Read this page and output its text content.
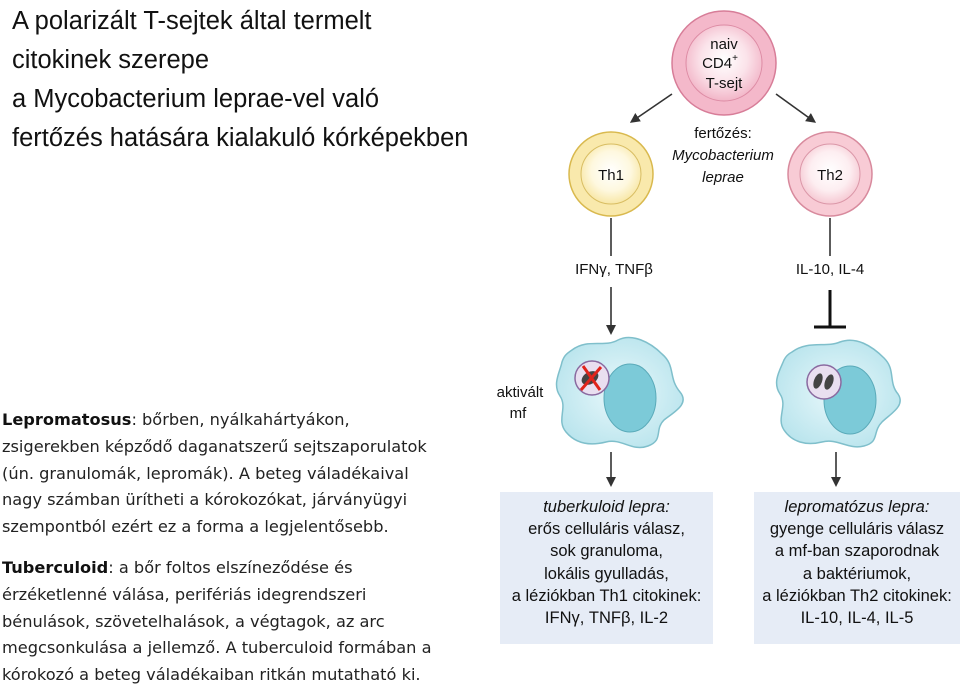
A polarizált T-sejtek által termelt
citokinek szerepe
a Mycobacterium leprae-vel való
fertőzés hatására kialakuló kórképekben
Lepromatosus: bőrben, nyálkahártyákon,
zsigerekben képződő daganatszerű sejtszaporulatok
(ún. granulomák, lepromák). A beteg váladékaival
nagy számban ürítheti a kórokozókat, járványügyi
szempontból ezért ez a forma a legjelentősebb.
Tuberculoid: a bőr foltos elszíneződése és
érzéketlenné válása, perifériás idegrendszeri
bénulások, szövetelhalások, a végtagok, az arc
megcsonkulása a jellemző. A tuberculoid formában a
kórokozó a beteg váladékaiban ritkán mutatható ki.
naiv
CD4+
T-sejt
fertőzés:
Mycobacterium
leprae
Th1	Th2
IFNγ, TNFβ	IL-10, IL-4
aktivált
mf
tuberkuloid lepra:
erős celluláris válasz,
sok granuloma,
lokális gyulladás,
a léziókban Th1 citokinek:
IFNγ, TNFβ, IL-2
lepromatózus lepra:
gyenge celluláris válasz
a mf-ban szaporodnak
a baktériumok,
a léziókban Th2 citokinek:
IL-10, IL-4, IL-5
